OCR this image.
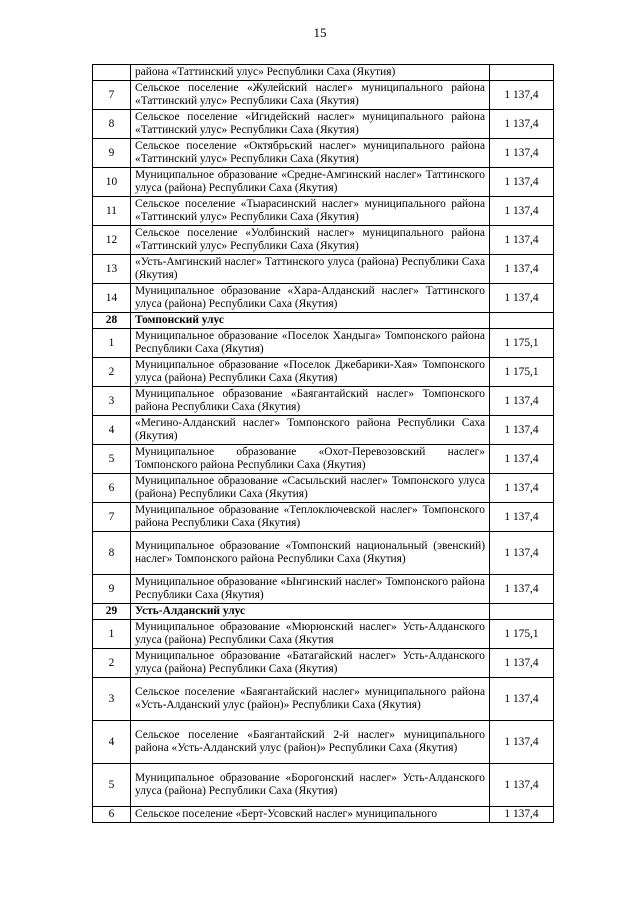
15
	района «Таттинский улус» Республики Саха (Якутия)	
7	Сельское поселение «Жулейский наслег» муниципального района «Таттинский улус» Республики Саха (Якутия)	1 137,4
8	Сельское поселение «Игидейский наслег» муниципального района «Таттинский улус» Республики Саха (Якутия)	1 137,4
9	Сельское поселение «Октябрьский наслег» муниципального района «Таттинский улус» Республики Саха (Якутия)	1 137,4
10	Муниципальное образование «Средне-Амгинский наслег» Таттинского улуса (района) Республики Саха (Якутия)	1 137,4
11	Сельское поселение «Тыарасинский наслег» муниципального района «Таттинский улус» Республики Саха (Якутия)	1 137,4
12	Сельское поселение «Уолбинский наслег» муниципального района «Таттинский улус» Республики Саха (Якутия)	1 137,4
13	«Усть-Амгинский наслег» Таттинского улуса (района) Республики Саха (Якутия)	1 137,4
14	Муниципальное образование «Хара-Алданский наслег» Таттинского улуса (района) Республики Саха (Якутия)	1 137,4
28	Томпонский улус	
1	Муниципальное образование «Поселок Хандыга» Томпонского района Республики Саха (Якутия)	1 175,1
2	Муниципальное образование «Поселок Джебарики-Хая» Томпонского улуса (района) Республики Саха (Якутия)	1 175,1
3	Муниципальное образование «Баягантайский наслег» Томпонского района Республики Саха (Якутия)	1 137,4
4	«Мегино-Алданский наслег» Томпонского района Республики Саха (Якутия)	1 137,4
5	Муниципальное образование «Охот-Перевозовский наслег» Томпонского района Республики Саха (Якутия)	1 137,4
6	Муниципальное образование «Сасыльский наслег» Томпонского улуса (района) Республики Саха (Якутия)	1 137,4
7	Муниципальное образование «Теплоключевской наслег» Томпонского района Республики Саха (Якутия)	1 137,4
8	Муниципальное образование «Томпонский национальный (эвенский) наслег» Томпонского района Республики Саха (Якутия)	1 137,4
9	Муниципальное образование «Ынгинский наслег» Томпонского района Республики Саха (Якутия)	1 137,4
29	Усть-Алданский улус	
1	Муниципальное образование «Мюрюнский наслег» Усть-Алданского улуса (района) Республики Саха (Якутия	1 175,1
2	Муниципальное образование «Батагайский наслег» Усть-Алданского улуса (района) Республики Саха (Якутия)	1 137,4
3	Сельское поселение «Баягантайский наслег» муниципального района «Усть-Алданский улус (район)» Республики Саха (Якутия)	1 137,4
4	Сельское поселение «Баягантайский 2-й наслег» муниципального района «Усть-Алданский улус (район)» Республики Саха (Якутия)	1 137,4
5	Муниципальное образование «Борогонский наслег» Усть-Алданского улуса (района) Республики Саха (Якутия)	1 137,4
6	Сельское поселение «Берт-Усовский наслег» муниципального	1 137,4
